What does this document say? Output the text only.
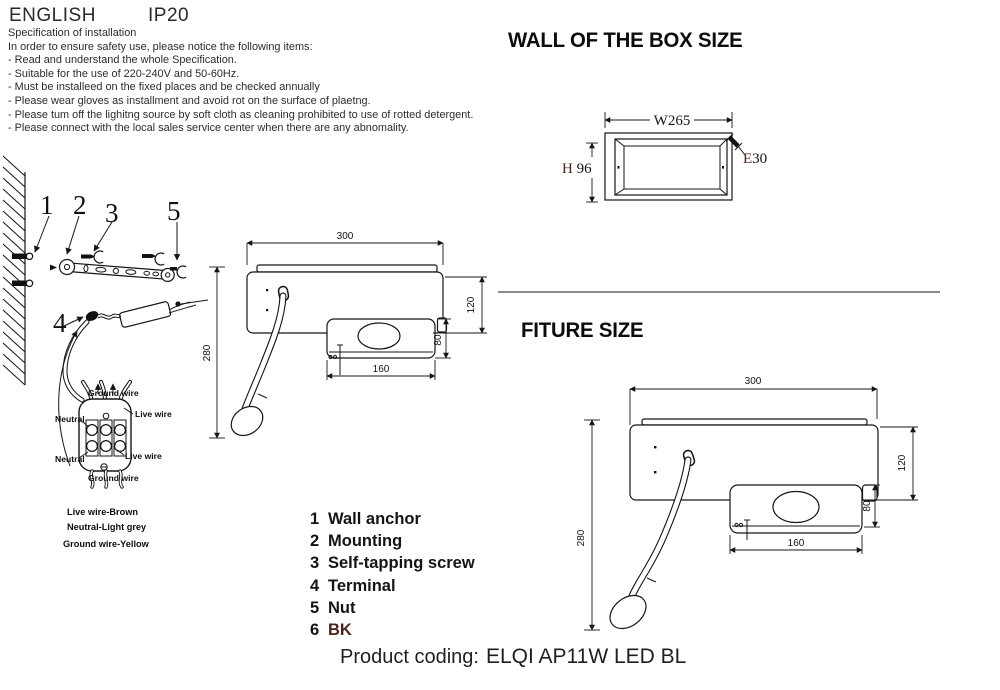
ENGLISH	IP20
Specification of installation
In order to ensure safety use, please notice the following items:
- Read and understand the whole Specification.
- Suitable for the use of 220-240V and 50-60Hz.
- Must be installeed on the fixed places and be checked annually
- Please wear gloves as installment and avoid rot on the surface of plaetng.
- Please tum off the lighitng source by soft cloth as cleaning prohibited to use of rotted detergent.
- Please connect with the local sales service center when there are any abnomality.
WALL OF THE BOX SIZE
FITURE SIZE
W265
H 96
E30
1 2 3 5
4
Ground wire
Neutral	Live wire
Neutral	Live wire
Ground wire
Live wire-Brown
Neutral-Light grey
Ground wire-Yellow
300
280
120
80
160
300
280
120
80
160
1 Wall anchor
2 Mounting
3 Self-tapping screw
4 Terminal
5 Nut
6 BK
Product coding: ELQI AP11W LED BL
